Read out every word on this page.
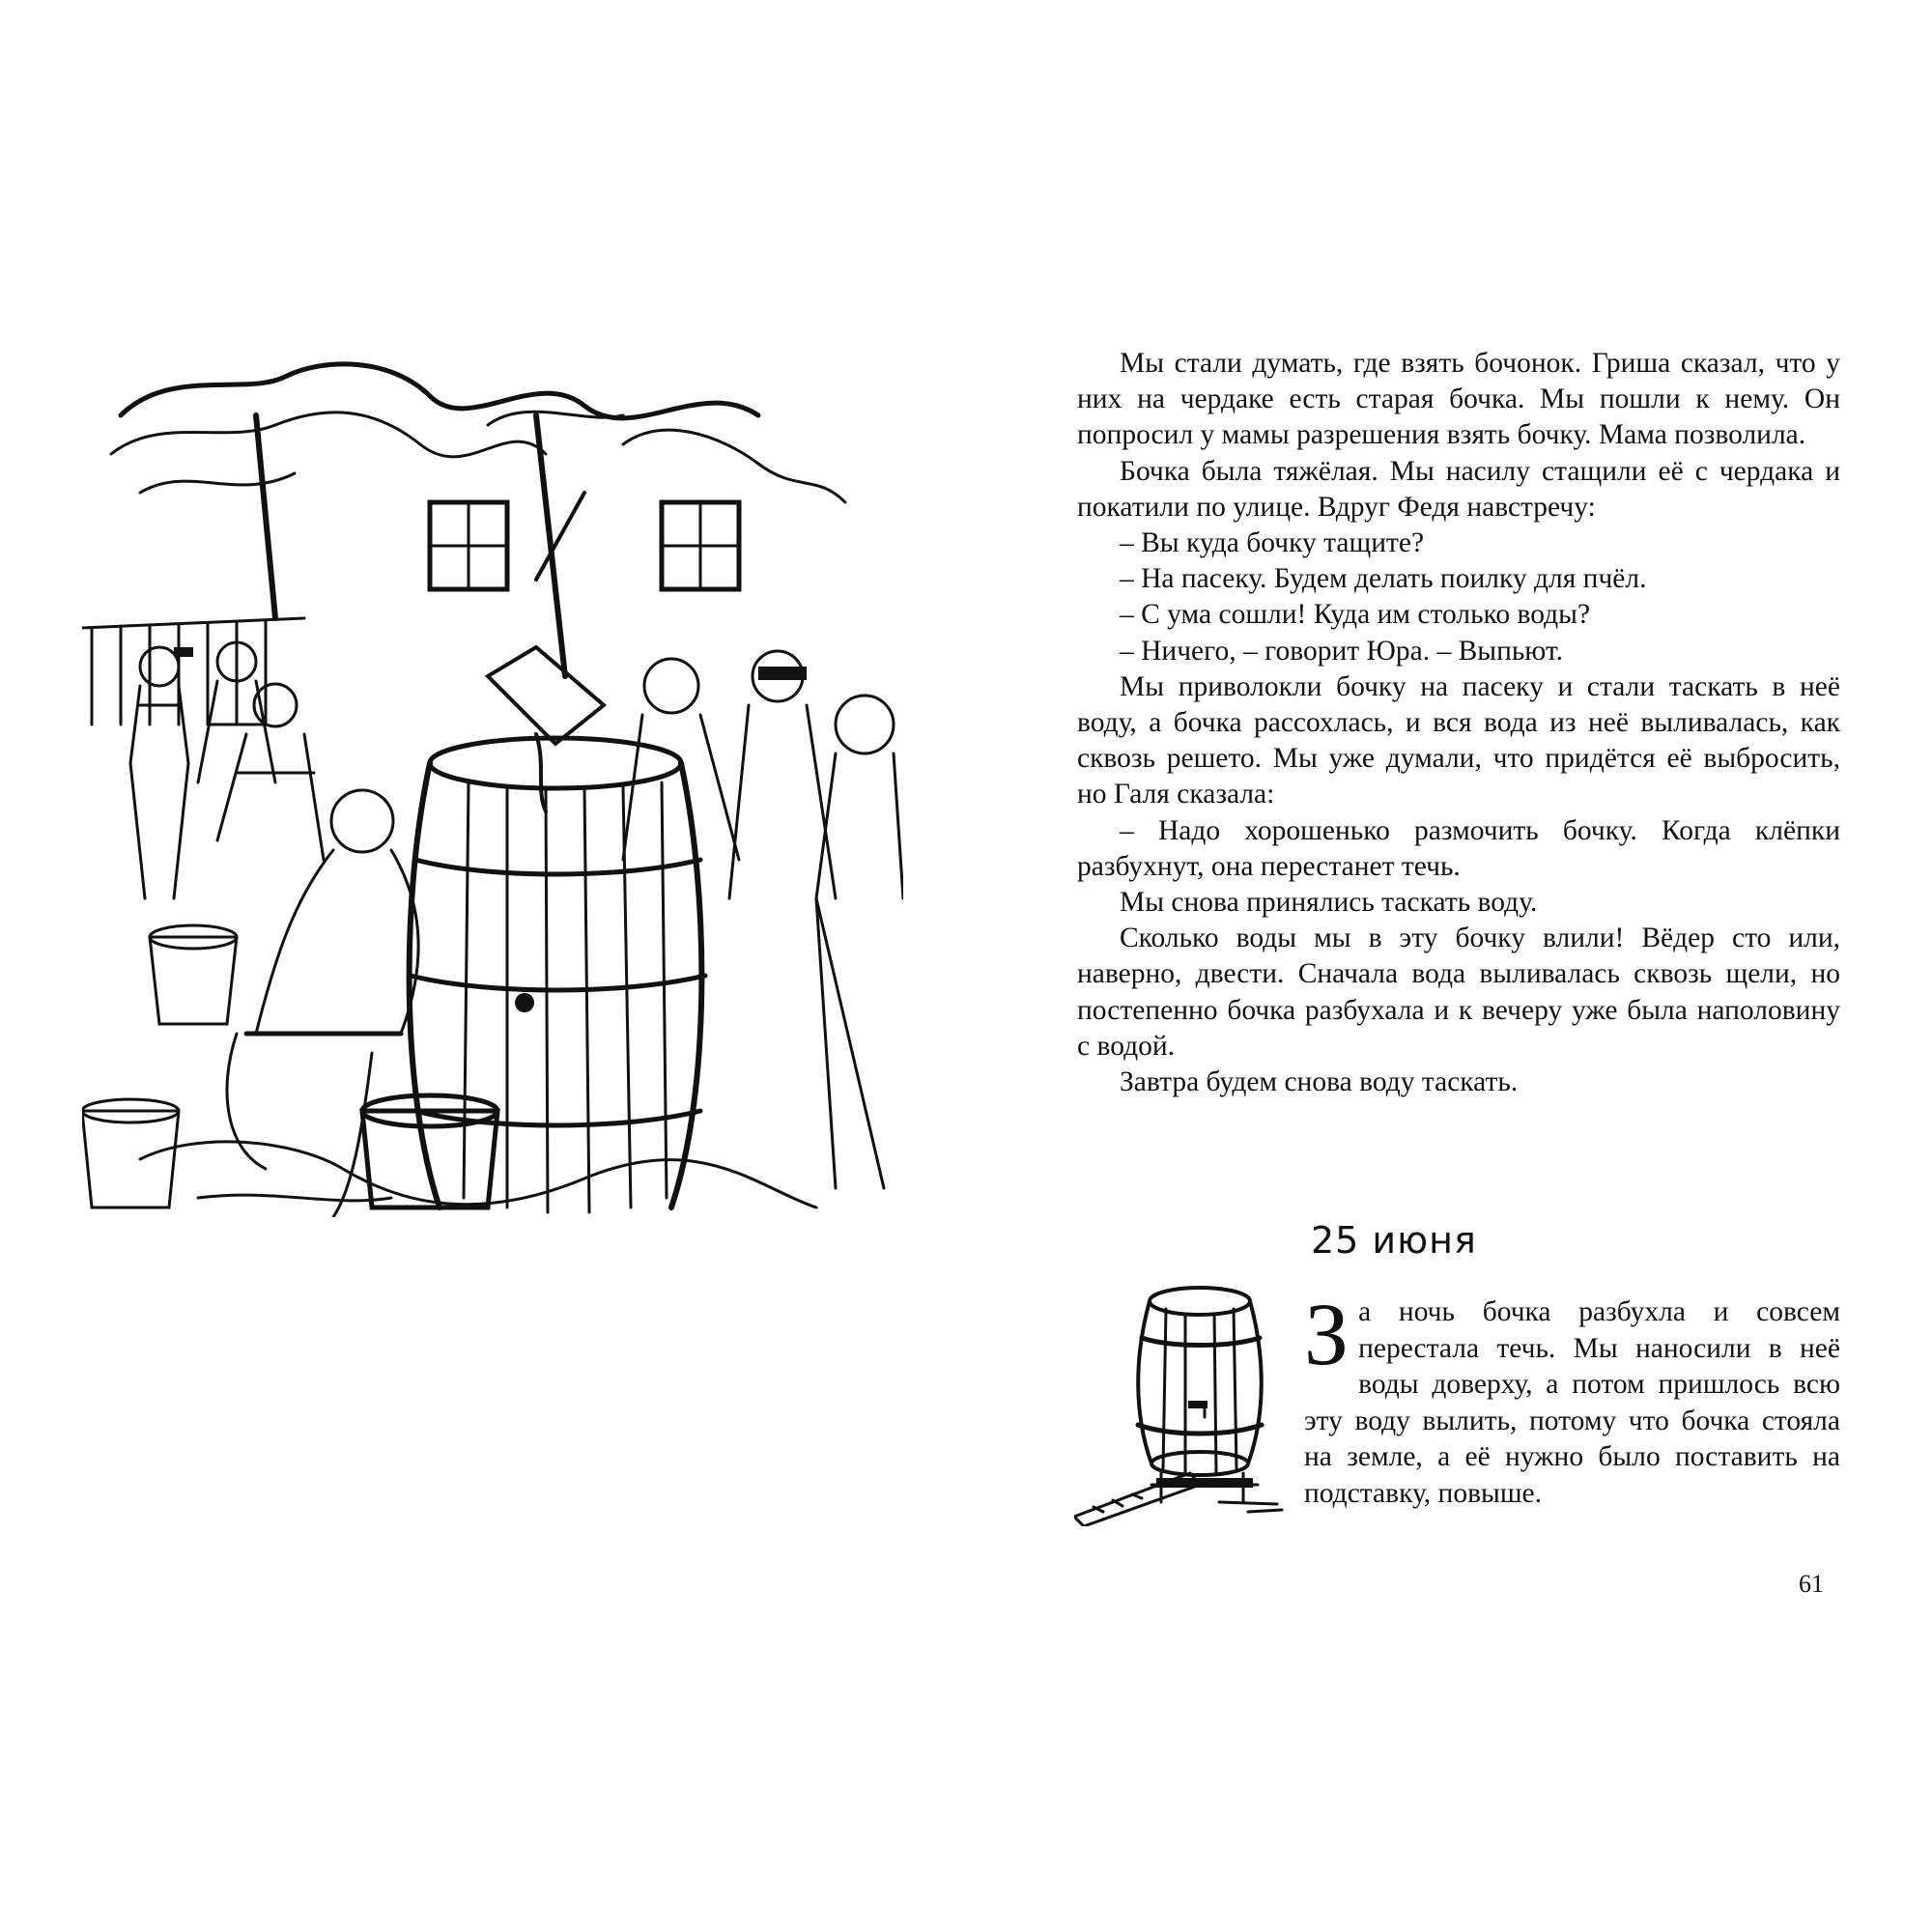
Мы стали думать, где взять бочонок. Гриша сказал, что у них на чердаке есть старая бочка. Мы пошли к нему. Он попросил у мамы разрешения взять бочку. Мама позволила.

Бочка была тяжёлая. Мы насилу стащили её с чердака и покатили по улице. Вдруг Федя навстречу:

– Вы куда бочку тащите?

– На пасеку. Будем делать поилку для пчёл.

– С ума сошли! Куда им столько воды?

– Ничего, – говорит Юра. – Выпьют.

Мы приволокли бочку на пасеку и стали таскать в неё воду, а бочка рассохлась, и вся вода из неё выливалась, как сквозь решето. Мы уже думали, что придётся её выбросить, но Галя сказала:

– Надо хорошенько размочить бочку. Когда клёпки разбухнут, она перестанет течь.

Мы снова принялись таскать воду.

Сколько воды мы в эту бочку влили! Вёдер сто или, наверно, двести. Сначала вода выливалась сквозь щели, но постепенно бочка разбухала и к вечеру уже была наполовину с водой.

Завтра будем снова воду таскать.

25 июня
З а ночь бочка разбухла и совсем перестала течь. Мы наносили в неё воды доверху, а потом пришлось всю эту воду вылить, потому что бочка стояла на земле, а её нужно было поставить на подставку, повыше.

61
